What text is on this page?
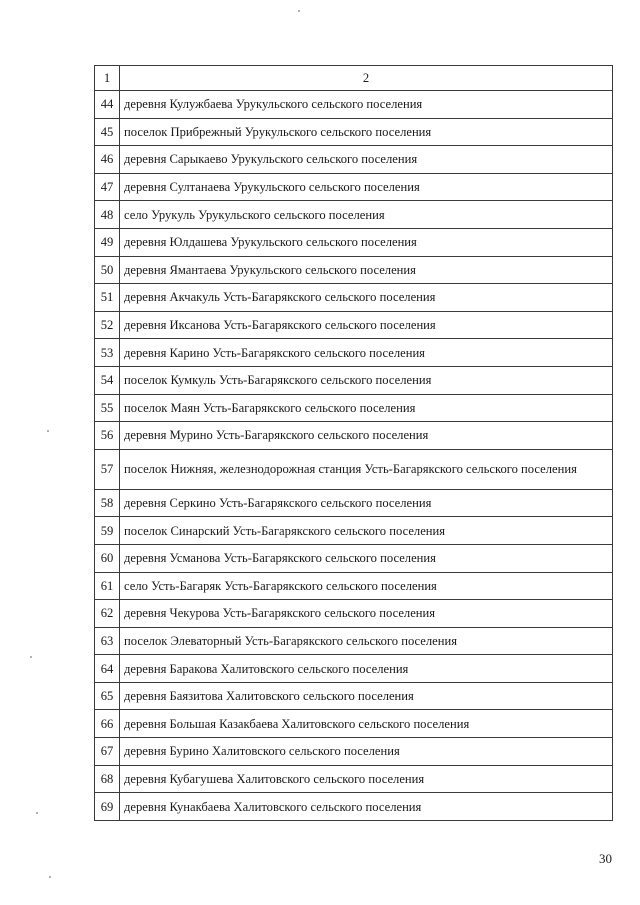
1	2
44	деревня Кулужбаева Урукульского сельского поселения
45	поселок Прибрежный Урукульского сельского поселения
46	деревня Сарыкаево Урукульского сельского поселения
47	деревня Султанаева Урукульского сельского поселения
48	село Урукуль Урукульского сельского поселения
49	деревня Юлдашева Урукульского сельского поселения
50	деревня Ямантаева Урукульского сельского поселения
51	деревня Акчакуль Усть-Багарякского сельского поселения
52	деревня Иксанова Усть-Багарякского сельского поселения
53	деревня Карино Усть-Багарякского сельского поселения
54	поселок Кумкуль Усть-Багарякского сельского поселения
55	поселок Маян Усть-Багарякского сельского поселения
56	деревня Мурино Усть-Багарякского сельского поселения
57	поселок Нижняя, железнодорожная станция Усть-Багарякского сельского поселения
58	деревня Серкино Усть-Багарякского сельского поселения
59	поселок Синарский Усть-Багарякского сельского поселения
60	деревня Усманова Усть-Багарякского сельского поселения
61	село Усть-Багаряк Усть-Багарякского сельского поселения
62	деревня Чекурова Усть-Багарякского сельского поселения
63	поселок Элеваторный Усть-Багарякского сельского поселения
64	деревня Баракова Халитовского сельского поселения
65	деревня Баязитова Халитовского сельского поселения
66	деревня Большая Казакбаева Халитовского сельского поселения
67	деревня Бурино Халитовского сельского поселения
68	деревня Кубагушева Халитовского сельского поселения
69	деревня Кунакбаева Халитовского сельского поселения
30
